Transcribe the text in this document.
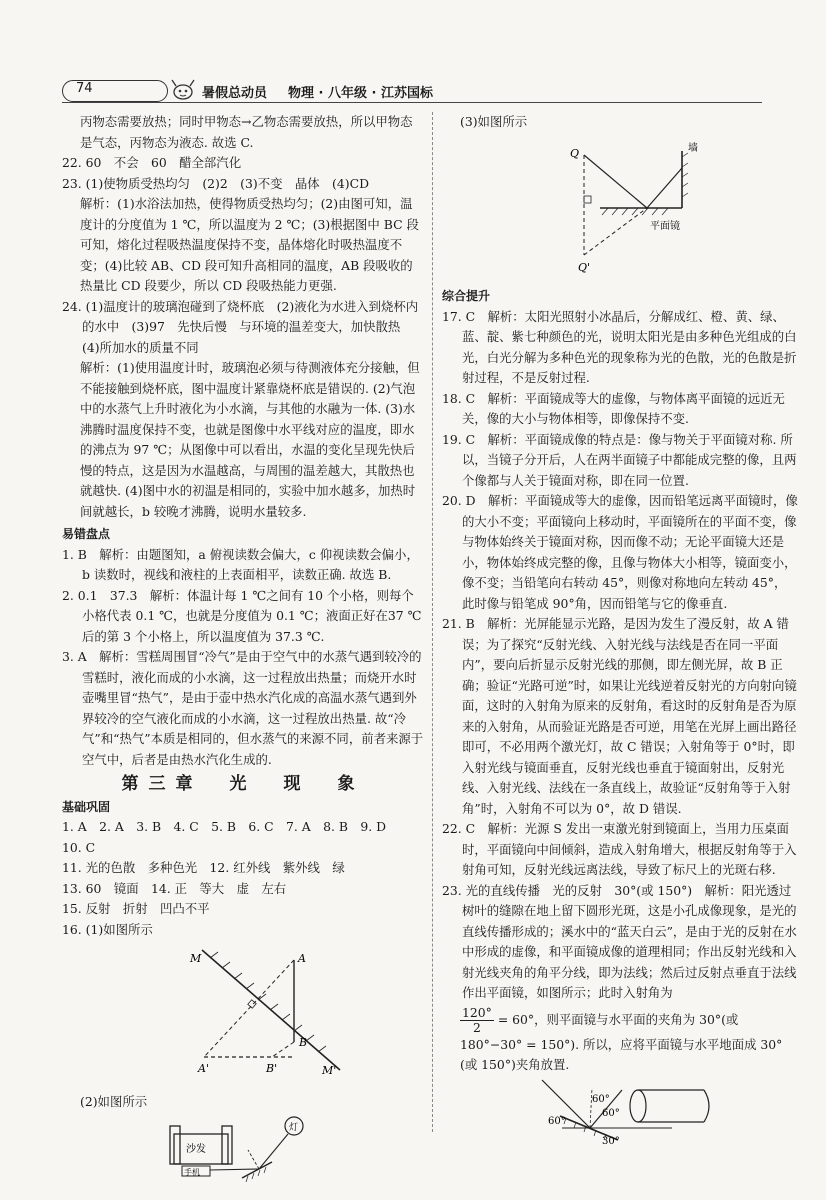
74	暑假总动员 物理 · 八年级 · 江苏国标

丙物态需要放热；同时甲物态→乙物态需要放热，所以甲物态是气态，丙物态为液态. 故选 C.

22. 60　不会　60　醋全部汽化

23. (1)使物质受热均匀　(2)2　(3)不变　晶体　(4)CD

解析：(1)水浴法加热，使得物质受热均匀；(2)由图可知，温度计的分度值为 1 ℃，所以温度为 2 ℃；(3)根据图中 BC 段可知，熔化过程吸热温度保持不变，晶体熔化时吸热温度不变；(4)比较 AB、CD 段可知升高相同的温度，AB 段吸收的热量比 CD 段要少，所以 CD 段吸热能力更强.

24. (1)温度计的玻璃泡碰到了烧杯底　(2)液化为水进入到烧杯内的水中　(3)97　先快后慢　与环境的温差变大，加快散热　(4)所加水的质量不同

解析：(1)使用温度计时，玻璃泡必须与待测液体充分接触，但不能接触到烧杯底，图中温度计紧靠烧杯底是错误的. (2)气泡中的水蒸气上升时液化为小水滴，与其他的水融为一体. (3)水沸腾时温度保持不变，也就是图像中水平线对应的温度，即水的沸点为 97 ℃；从图像中可以看出，水温的变化呈现先快后慢的特点，这是因为水温越高，与周围的温差越大，其散热也就越快. (4)图中水的初温是相同的，实验中加水越多，加热时间就越长，b 较晚才沸腾，说明水量较多.

易错盘点

1. B　解析：由题图知，a 俯视读数会偏大，c 仰视读数会偏小，b 读数时，视线和液柱的上表面相平，读数正确. 故选 B.

2. 0.1　37.3　解析：体温计每 1 ℃之间有 10 个小格，则每个小格代表 0.1 ℃，也就是分度值为 0.1 ℃；液面正好在37 ℃后的第 3 个小格上，所以温度值为 37.3 ℃.

3. A　解析：雪糕周围冒“冷气”是由于空气中的水蒸气遇到较冷的雪糕时，液化而成的小水滴，这一过程放出热量；而烧开水时壶嘴里冒“热气”，是由于壶中热水汽化成的高温水蒸气遇到外界较冷的空气液化而成的小水滴，这一过程放出热量. 故“冷气”和“热气”本质是相同的，但水蒸气的来源不同，前者来源于空气中，后者是由热水汽化生成的.

第三章　光　现　象

基础巩固

1. A　2. A　3. B　4. C　5. B　6. C　7. A　8. B　9. D

10. C

11. 光的色散　多种色光　12. 红外线　紫外线　绿

13. 60　镜面　14. 正　等大　虚　左右

15. 反射　折射　凹凸不平

16. (1)如图所示

M	A
B
A'	B'	M'

(2)如图所示

沙发
手机
灯

(3)如图所示

Q
Q'
墙
平面镜

综合提升

17. C　解析：太阳光照射小冰晶后，分解成红、橙、黄、绿、蓝、靛、紫七种颜色的光，说明太阳光是由多种色光组成的白光，白光分解为多种色光的现象称为光的色散，光的色散是折射过程，不是反射过程.

18. C　解析：平面镜成等大的虚像，与物体离平面镜的远近无关，像的大小与物体相等，即像保持不变.

19. C　解析：平面镜成像的特点是：像与物关于平面镜对称. 所以，当镜子分开后，人在两半面镜子中都能成完整的像，且两个像都与人关于镜面对称，即在同一位置.

20. D　解析：平面镜成等大的虚像，因而铅笔远离平面镜时，像的大小不变；平面镜向上移动时，平面镜所在的平面不变，像与物体始终关于镜面对称，因而像不动；无论平面镜大还是小，物体始终成完整的像，且像与物体大小相等，镜面变小，像不变；当铅笔向右转动 45°，则像对称地向左转动 45°，此时像与铅笔成 90°角，因而铅笔与它的像垂直.

21. B　解析：光屏能显示光路，是因为发生了漫反射，故 A 错误；为了探究“反射光线、入射光线与法线是否在同一平面内”，要向后折显示反射光线的那侧，即左侧光屏，故 B 正确；验证“光路可逆”时，如果让光线逆着反射光的方向射向镜面，这时的入射角为原来的反射角，看这时的反射角是否为原来的入射角，从而验证光路是否可逆，用笔在光屏上画出路径即可，不必用两个激光灯，故 C 错误；入射角等于 0°时，即入射光线与镜面垂直，反射光线也垂直于镜面射出，反射光线、入射光线、法线在一条直线上，故验证“反射角等于入射角”时，入射角不可以为 0°，故 D 错误.

22. C　解析：光源 S 发出一束激光射到镜面上，当用力压桌面时，平面镜向中间倾斜，造成入射角增大，根据反射角等于入射角可知，反射光线远离法线，导致了标尺上的光斑右移.

23. 光的直线传播　光的反射　30°(或 150°)　解析：阳光透过树叶的缝隙在地上留下圆形光斑，这是小孔成像现象，是光的直线传播形成的；溪水中的“蓝天白云”，是由于光的反射在水中形成的虚像，和平面镜成像的道理相同；作出反射光线和入射光线夹角的角平分线，即为法线；然后过反射点垂直于法线作出平面镜，如图所示；此时入射角为

$\frac{120^\circ}{2} = 60^\circ$，则平面镜与水平面的夹角为 30°(或

180°−30° = 150°). 所以，应将平面镜与水平地面成 30°(或 150°)夹角放置.

60°
60°
60°
30°
